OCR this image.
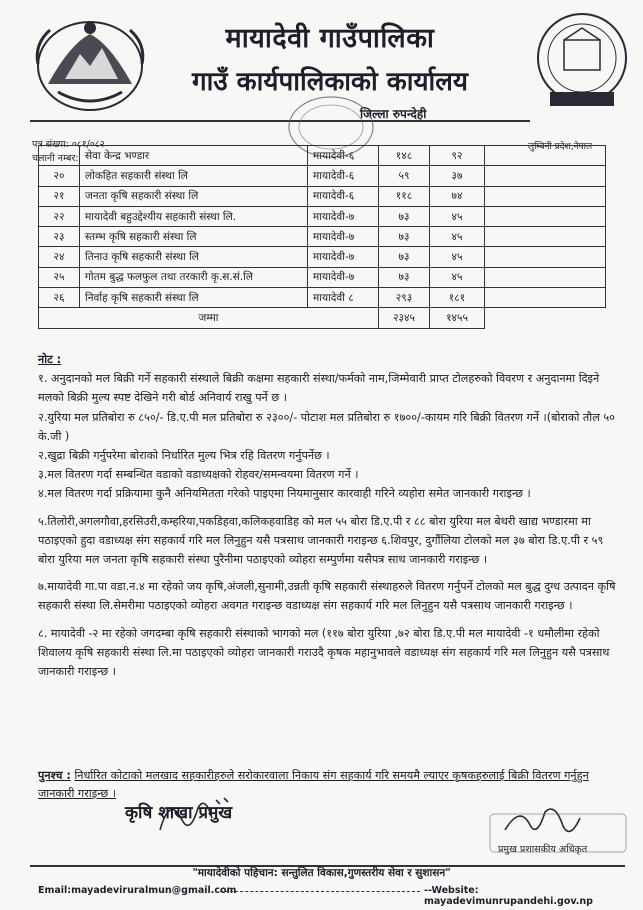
मायादेवी गाउँपालिका
गाउँ कार्यपालिकाको कार्यालय
जिल्ला रुपन्देही
लुम्बिनी प्रदेश,नेपाल
पत्र संख्या: ०८१/०८२
चलानी नम्बर:
	सेवा केन्द्र भण्डार	मायादेवी-६	१४८	९२	
२०	लोकहित सहकारी संस्था लि	मायादेवी-६	५९	३७	
२१	जनता कृषि सहकारी संस्था लि	मायादेवी-६	११८	७४	
२२	मायादेवी बहुउद्देश्यीय सहकारी संस्था लि.	मायादेवी-७	७३	४५	
२३	स्तम्भ कृषि सहकारी संस्था लि	मायादेवी-७	७३	४५	
२४	तिनाउ कृषि सहकारी संस्था लि	मायादेवी-७	७३	४५	
२५	गोतम बुद्ध फलफुल तथा तरकारी कृ.स.सं.लि	मायादेवी-७	७३	४५	
२६	निर्वाह कृषि सहकारी संस्था लि	मायादेवी ८	२९३	१८१	
जम्मा			२३४५	१४५५	

नोट :

१. अनुदानको मल बिक्री गर्ने सहकारी संस्थाले बिक्री कक्षमा सहकारी संस्था/फर्मको नाम,जिम्मेवारी प्राप्त टोलहरुको विवरण र अनुदानमा दिइने मलको बिक्री मुल्य स्पष्ट देखिने गरी बोर्ड अनिवार्य राखु पर्ने छ ।

२.युरिया मल प्रतिबोरा रु ८५०/- डि.ए.पी मल प्रतिबोरा रु २३००/- पोटाश मल प्रतिबोरा रु १७००/-कायम गरि बिक्री वितरण गर्ने ।(बोराको तौल ५० के.जी )

२.खुद्रा बिक्री गर्नुपरेमा बोराको निर्धारित मुल्य भित्र रहि वितरण गर्नुपर्नेछ ।

३.मल वितरण गर्दा सम्बन्धित वडाको वडाध्यक्षको रोहवर/समन्वयमा वितरण गर्ने ।

४.मल वितरण गर्दा प्रक्रियामा कुनै अनियमितता गरेको पाइएमा नियमानुसार कारवाही गरिने व्यहोरा समेत जानकारी गराइन्छ ।

५.तिलोरी,अगलगौवा,हरसिउरी,कम्हरिया,पकडिहवा,कलिकहवाडिह को मल ५५ बोरा डि.ए.पी र ८८ बोरा युरिया मल बेथरी खाद्य भण्डारमा मा पठाइएको हुदा वडाध्यक्ष संग सहकार्य गरि मल लिनुहुन यसै पत्रसाथ जानकारी गराइन्छ ६.शिवपुर, दुर्गौलिया टोलको मल ३७ बोरा डि.ए.पी र ५९ बोरा युरिया मल जनता कृषि सहकारी संस्था पुरैनीमा पठाइएको व्योहरा सम्पुर्णमा यसैपत्र साथ जानकारी गराइन्छ ।

७.मायादेवी गा.पा वडा.न.४ मा रहेको जय कृषि,अंजली,सुनामी,उन्नती कृषि सहकारी संस्थाहरुले वितरण गर्नुपर्ने टोलको मल बुद्ध दुग्ध उत्पादन कृषि सहकारी संस्था लि.सेमरीमा पठाइएको व्योहरा अवगत गराइन्छ वडाध्यक्ष संग सहकार्य गरि मल लिनुहुन यसै पत्रसाथ जानकारी गराइन्छ ।

८. मायादेवी -२ मा रहेको जगदम्बा कृषि सहकारी संस्थाको भागको मल (११७ बोरा युरिया ,७२ बोरा डि.ए.पी मल मायादेवी -१ धमौलीमा रहेको शिवालय कृषि सहकारी संस्था लि.मा पठाइएको व्योहरा जानकारी गराउदै कृषक महानुभावले वडाध्यक्ष संग सहकार्य गरि मल लिनुहुन यसै पत्रसाथ जानकारी गराइन्छ ।

पुनश्च : निर्धारित कोटाको मलखाद सहकारीहरुले सरोकारवाला निकाय संग सहकार्य गरि समयमै ल्याएर कृषकहरुलाई बिक्री वितरण गर्नुहुन जानकारी गराइन्छ ।
कृषि शाखा प्रमुख
प्रमुख प्रशासकीय अधिकृत
"मायादेवीको पहिचान: सन्तुलित विकास,गुणस्तरीय सेवा र सुशासन"
Email:mayadeviruralmun@gmail.com	--Website: mayadevimunrupandehi.gov.np
